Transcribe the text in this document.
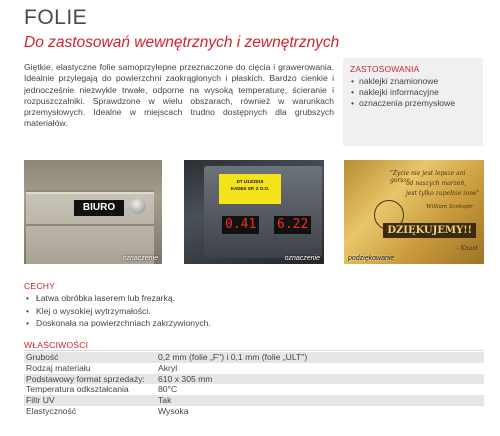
FOLIE
Do zastosowań wewnętrznych i zewnętrznych

Giętkie, elastyczne folie samoprzylepne przeznaczone do cięcia i grawerowania. Idealnie przylegają do powierzchni zaokrąglonych i płaskich. Bardzo cienkie i jednocześnie niezwykle trwałe, odporne na wysoką temperaturę, ścieranie i rozpuszczalniki. Sprawdzone w wielu obszarach, również w warunkach przemysłowych. Idealne w miejscach trudno dostępnych dla grubszych materiałów.

ZASTOSOWANIA
• naklejki znamionowe
• naklejki informacyjne
• oznaczenia przemysłowe
BIURO
oznaczenie
DT U12/2015
KADEX SP. Z O.O.
0.41 6.22
oznaczenie
"Życie nie jest lepsze ani gorsze
od naszych marzeń,
jest tylko zupełnie inne"
William Szekspir
DZIĘKUJEMY!!
- Knast
podziękowanie
CECHY
• Łatwa obróbka laserem lub frezarką.
• Klej o wysokiej wytrzymałości.
• Doskonała na powierzchniach zakrzywionych.
WŁAŚCIWOŚCI
Grubość	0,2 mm (folie „F") i 0,1 mm (folie „ULT")
Rodzaj materiału	Akryl
Podstawowy format sprzedaży:	610 x 305 mm
Temperatura odkształcania	80°C
Filtr UV	Tak
Elastyczność	Wysoka
